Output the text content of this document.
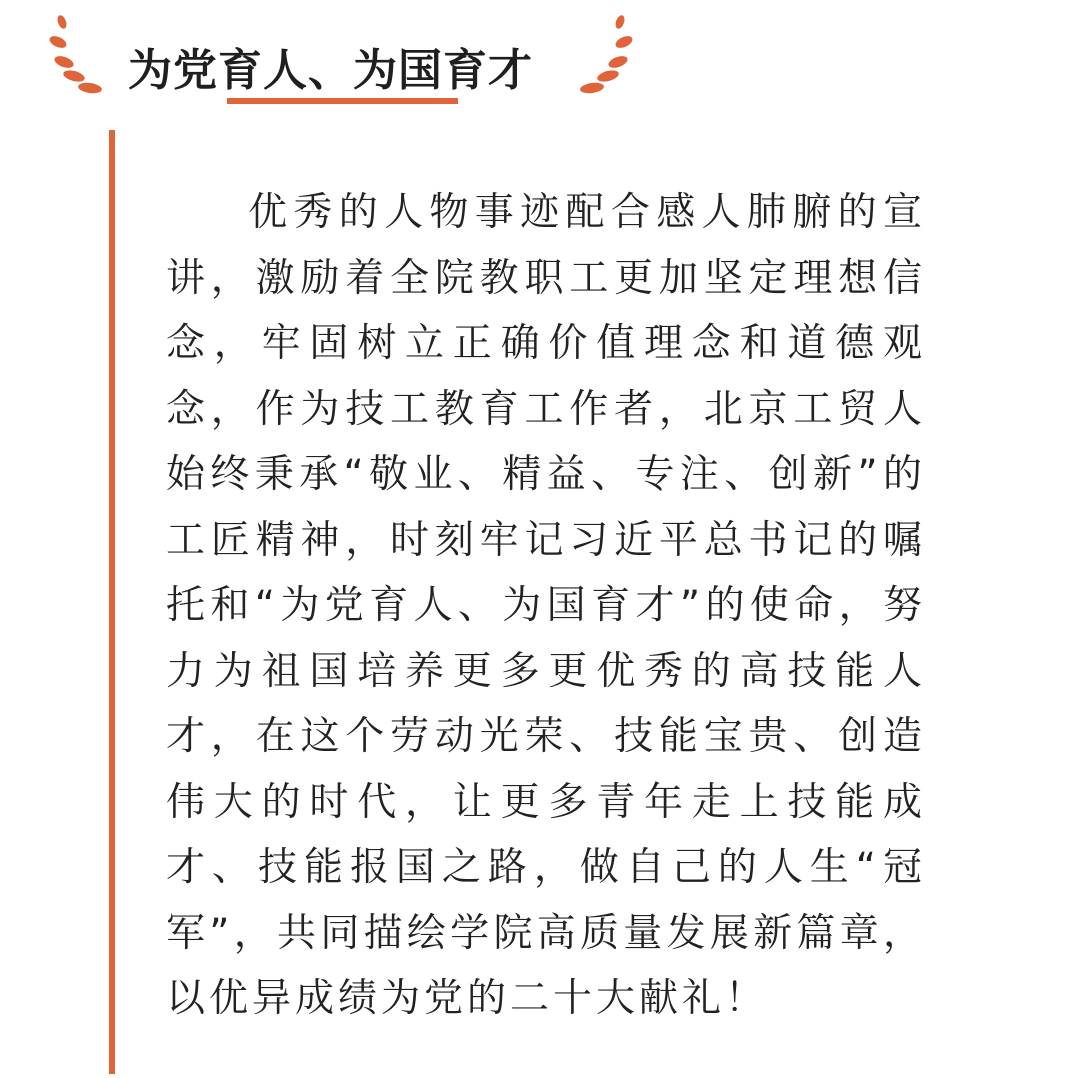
为党育人、为国育才
优秀的人物事迹配合感人肺腑的宣
讲，激励着全院教职工更加坚定理想信
念，牢固树立正确价值理念和道德观
念，作为技工教育工作者，北京工贸人
始终秉承“敬业、精益、专注、创新”的
工匠精神，时刻牢记习近平总书记的嘱
托和“为党育人、为国育才”的使命，努
力为祖国培养更多更优秀的高技能人
才，在这个劳动光荣、技能宝贵、创造
伟大的时代，让更多青年走上技能成
才、技能报国之路，做自己的人生“冠
军”，共同描绘学院高质量发展新篇章，
以优异成绩为党的二十大献礼！
